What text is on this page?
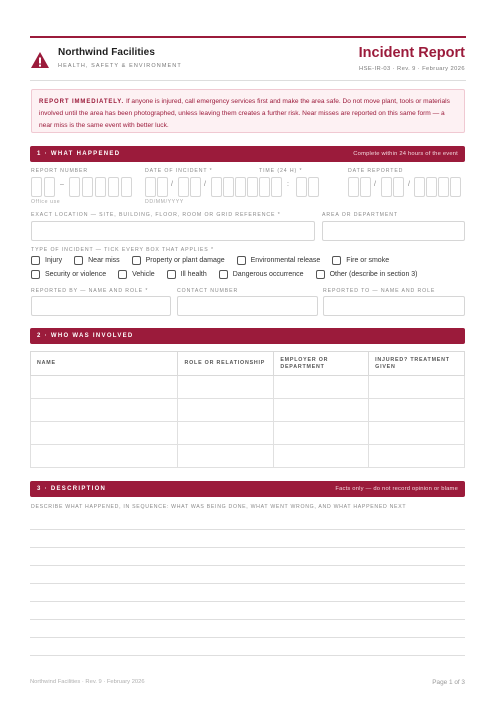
Northwind Facilities
HEALTH, SAFETY & ENVIRONMENT
Incident Report
HSE-IR-03 · Rev. 9 · February 2026
REPORT IMMEDIATELY. If anyone is injured, call emergency services first and make the area safe. Do not move plant, tools or materials involved until the area has been photographed, unless leaving them creates a further risk. Near misses are reported on this same form — a near miss is the same event with better luck.
1 · WHAT HAPPENED	Complete within 24 hours of the event
REPORT NUMBER	DATE OF INCIDENT *	TIME (24 H) *	DATE REPORTED
–
Office use
/	/
DD/MM/YYYY
:	/	/
EXACT LOCATION — SITE, BUILDING, FLOOR, ROOM OR GRID REFERENCE *	AREA OR DEPARTMENT
TYPE OF INCIDENT — TICK EVERY BOX THAT APPLIES *
Injury	Near miss	Property or plant damage	Environmental release	Fire or smoke
Security or violence	Vehicle	Ill health	Dangerous occurrence	Other (describe in section 3)
REPORTED BY — NAME AND ROLE *	CONTACT NUMBER	REPORTED TO — NAME AND ROLE
2 · WHO WAS INVOLVED
NAME	ROLE OR RELATIONSHIP	EMPLOYER OR DEPARTMENT	INJURED? TREATMENT GIVEN

3 · DESCRIPTION	Facts only — do not record opinion or blame
DESCRIBE WHAT HAPPENED, IN SEQUENCE: WHAT WAS BEING DONE, WHAT WENT WRONG, AND WHAT HAPPENED NEXT
Northwind Facilities · Rev. 9 · February 2026	Page 1 of 3
